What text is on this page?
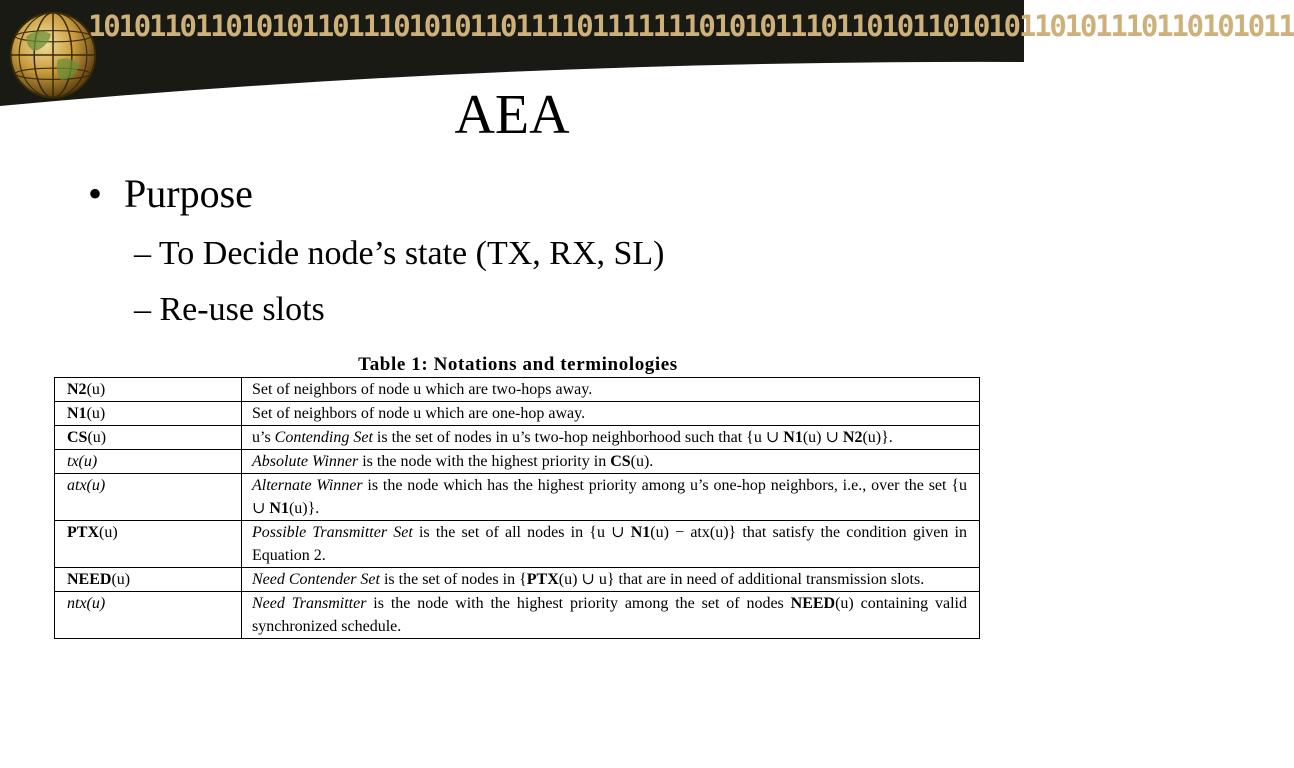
1010110110101011011101010110111101111111010101110110101101010110101110110101011
AEA
• Purpose
– To Decide node’s state (TX, RX, SL)
– Re-use slots
Table 1: Notations and terminologies
N2(u)	Set of neighbors of node u which are two-hops away.
N1(u)	Set of neighbors of node u which are one-hop away.
CS(u)	u’s Contending Set is the set of nodes in u’s two-hop neighborhood such that {u ∪ N1(u) ∪ N2(u)}.
tx(u)	Absolute Winner is the node with the highest priority in CS(u).
atx(u)	Alternate Winner is the node which has the highest priority among u’s one-hop neighbors, i.e., over the set {u ∪ N1(u)}.
PTX(u)	Possible Transmitter Set is the set of all nodes in {u ∪ N1(u) − atx(u)} that satisfy the condition given in Equation 2.
NEED(u)	Need Contender Set is the set of nodes in {PTX(u) ∪ u} that are in need of additional transmission slots.
ntx(u)	Need Transmitter is the node with the highest priority among the set of nodes NEED(u) containing valid synchronized schedule.
